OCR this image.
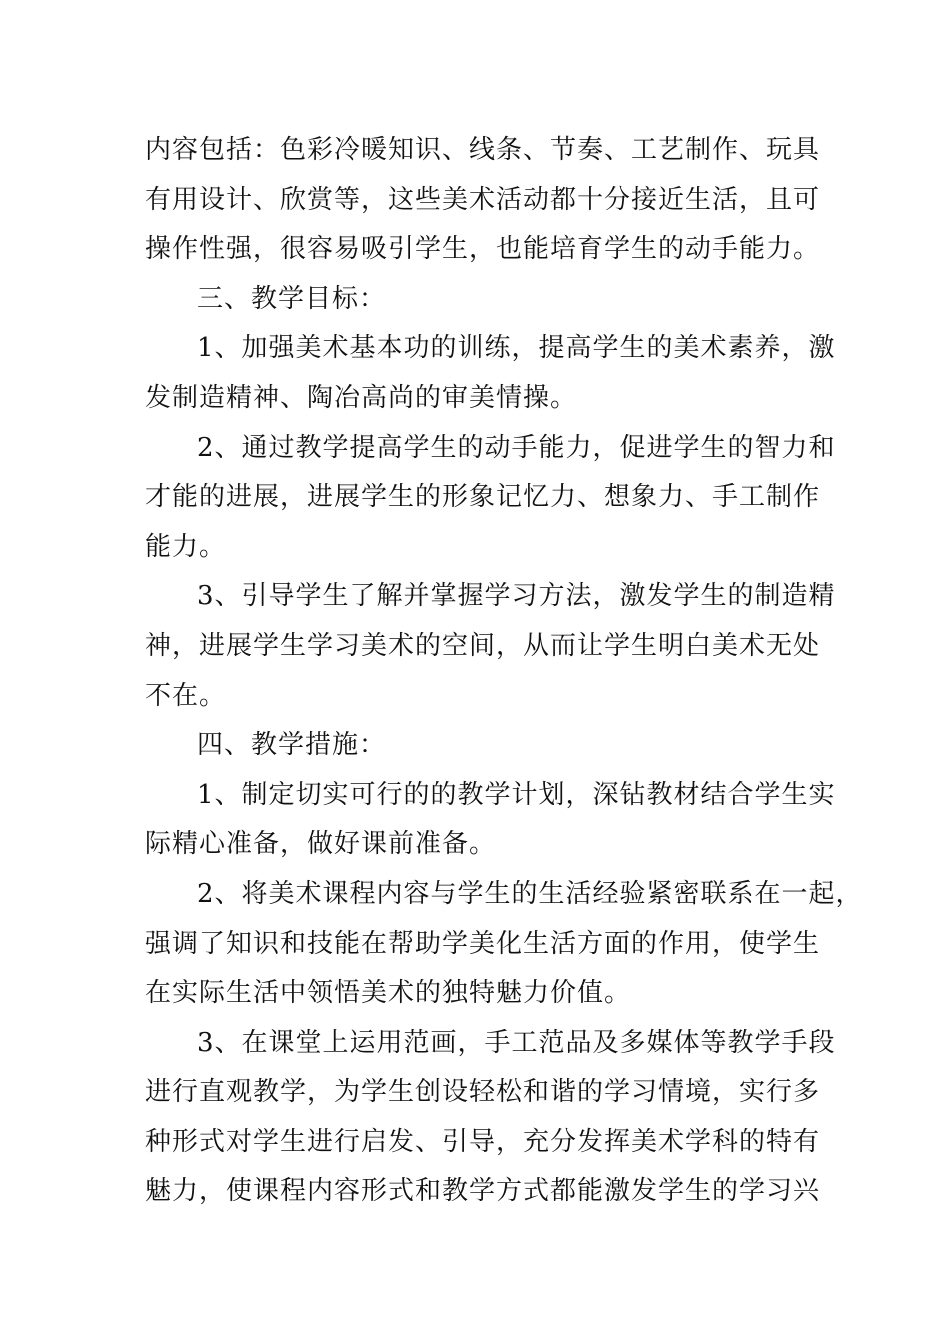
内容包括：色彩冷暖知识、线条、节奏、工艺制作、玩具
有用设计、欣赏等，这些美术活动都十分接近生活，且可
操作性强，很容易吸引学生，也能培育学生的动手能力。
三、教学目标：
1、加强美术基本功的训练，提高学生的美术素养，激
发制造精神、陶冶高尚的审美情操。
2、通过教学提高学生的动手能力，促进学生的智力和
才能的进展，进展学生的形象记忆力、想象力、手工制作
能力。
3、引导学生了解并掌握学习方法，激发学生的制造精
神，进展学生学习美术的空间，从而让学生明白美术无处
不在。
四、教学措施：
1、制定切实可行的的教学计划，深钻教材结合学生实
际精心准备，做好课前准备。
2、将美术课程内容与学生的生活经验紧密联系在一起，
强调了知识和技能在帮助学美化生活方面的作用，使学生
在实际生活中领悟美术的独特魅力价值。
3、在课堂上运用范画，手工范品及多媒体等教学手段
进行直观教学，为学生创设轻松和谐的学习情境，实行多
种形式对学生进行启发、引导，充分发挥美术学科的特有
魅力，使课程内容形式和教学方式都能激发学生的学习兴
